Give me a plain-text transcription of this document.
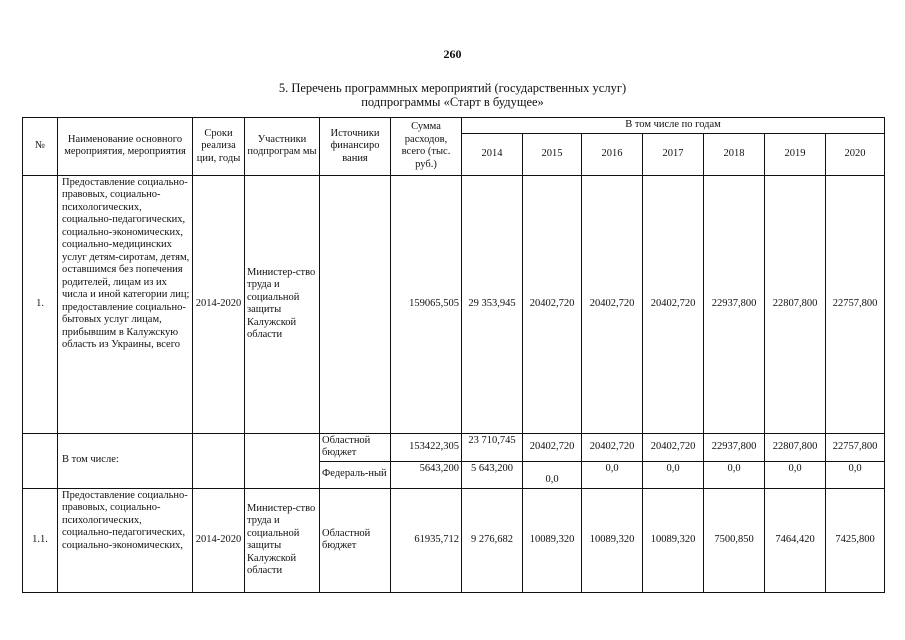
260
5. Перечень программных мероприятий (государственных услуг)
подпрограммы «Старт в будущее»
№	Наименование основного мероприятия, мероприятия	Сроки реализа ции, годы	Участники подпрограм мы	Источники финансиро вания	Сумма расходов, всего (тыс. руб.)	В том числе по годам						
						2014	2015	2016	2017	2018	2019	2020
1.	Предоставление социально-правовых, социально-психологических, социально-педагогических, социально-экономических, социально-медицинских услуг детям-сиротам, детям, оставшимся без попечения родителей, лицам из их числа и иной категории лиц; предоставление социально-бытовых услуг лицам, прибывшим в Калужскую область из Украины, всего	2014-2020	Министер-ство труда и социальной защиты Калужской области		159065,505	29 353,945	20402,720	20402,720	20402,720	22937,800	22807,800	22757,800
	В том числе:			Областной бюджет	153422,305	23 710,745	20402,720	20402,720	20402,720	22937,800	22807,800	22757,800
				Федераль-ный	5643,200	5 643,200	0,0	0,0	0,0	0,0	0,0	0,0
1.1.	Предоставление социально-правовых, социально-психологических, социально-педагогических, социально-экономических,	2014-2020	Министер-ство труда и социальной защиты Калужской области	Областной бюджет	61935,712	9 276,682	10089,320	10089,320	10089,320	7500,850	7464,420	7425,800
